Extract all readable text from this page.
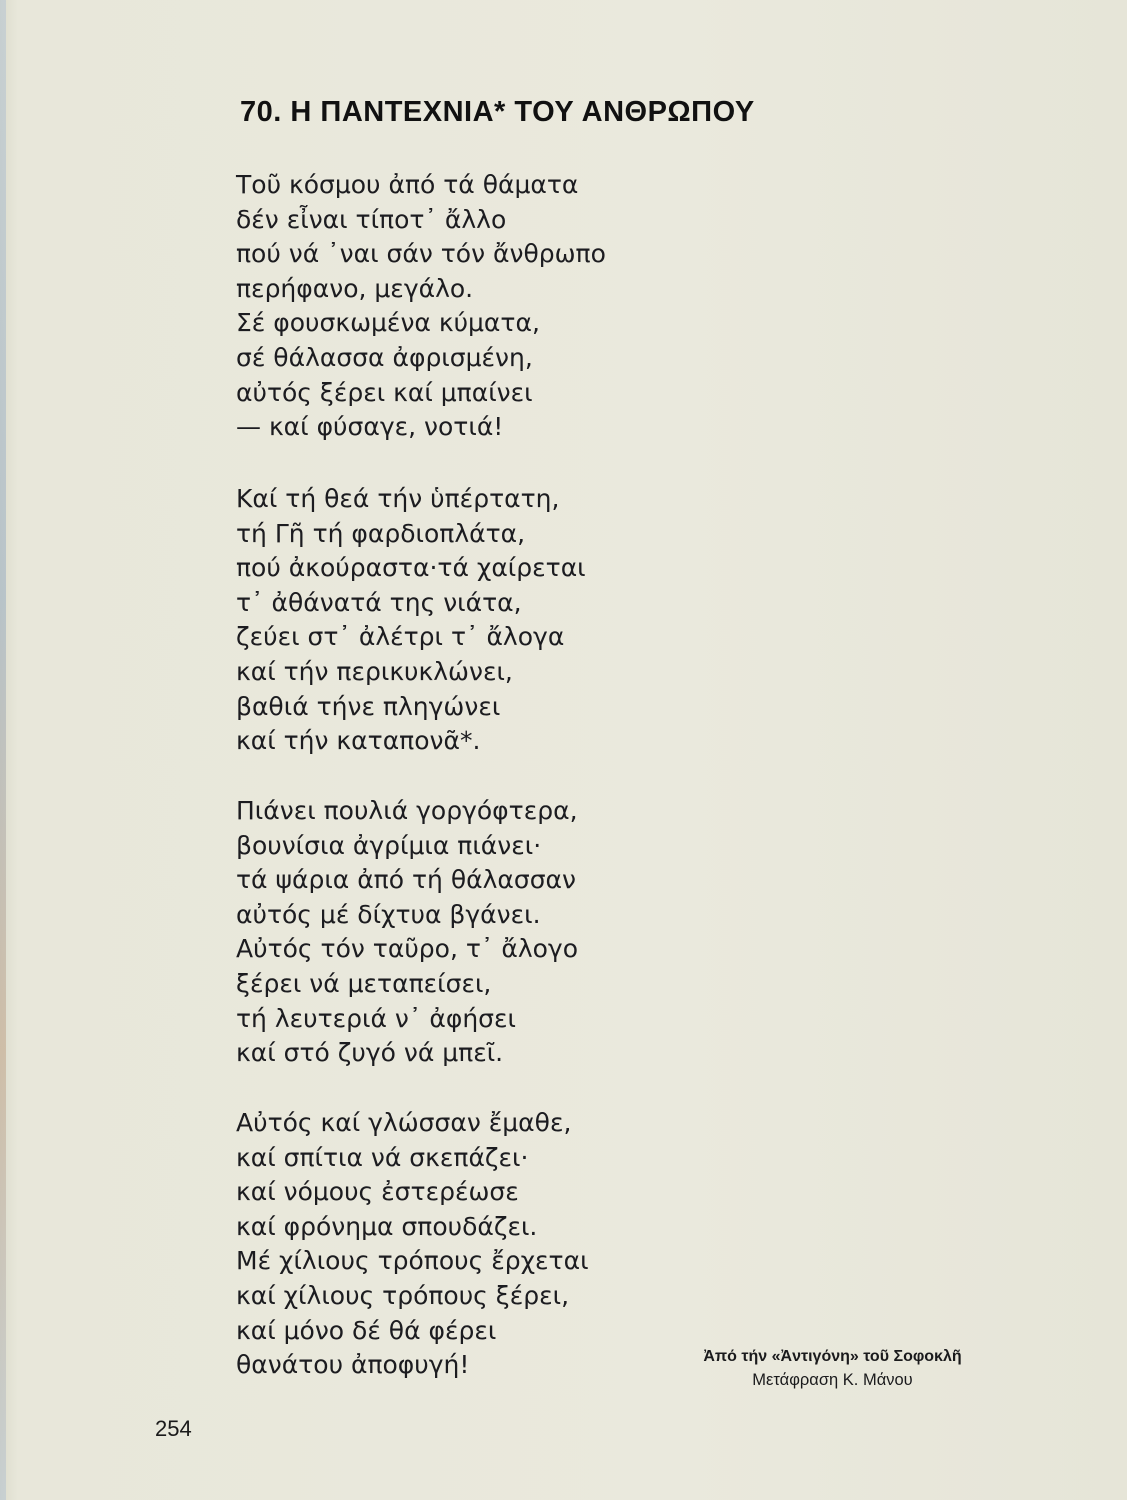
70. Η ΠΑΝΤΕΧΝΙΑ* ΤΟΥ ΑΝΘΡΩΠΟΥ
Τοῦ κόσμου ἀπό τά θάματα
δέν εἶναι τίποτ᾽ ἄλλο
πού νά ᾽ναι σάν τόν ἄνθρωπο
περήφανο, μεγάλο.
Σέ φουσκωμένα κύματα,
σέ θάλασσα ἀφρισμένη,
αὐτός ξέρει καί μπαίνει
— καί φύσαγε, νοτιά!
Καί τή θεά τήν ὑπέρτατη,
τή Γῆ τή φαρδιοπλάτα,
πού ἀκούραστα·τά χαίρεται
τ᾽ ἀθάνατά της νιάτα,
ζεύει στ᾽ ἀλέτρι τ᾽ ἄλογα
καί τήν περικυκλώνει,
βαθιά τήνε πληγώνει
καί τήν καταπονᾶ*.
Πιάνει πουλιά γοργόφτερα,
βουνίσια ἀγρίμια πιάνει·
τά ψάρια ἀπό τή θάλασσαν
αὐτός μέ δίχτυα βγάνει.
Αὐτός τόν ταῦρο, τ᾽ ἄλογο
ξέρει νά μεταπείσει,
τή λευτεριά ν᾽ ἀφήσει
καί στό ζυγό νά μπεῖ.
Αὐτός καί γλώσσαν ἔμαθε,
καί σπίτια νά σκεπάζει·
καί νόμους ἐστερέωσε
καί φρόνημα σπουδάζει.
Μέ χίλιους τρόπους ἔρχεται
καί χίλιους τρόπους ξέρει,
καί μόνο δέ θά φέρει
θανάτου ἀποφυγή!	Ἀπό τήν «Ἀντιγόνη» τοῦ Σοφοκλῆ
Μετάφραση Κ. Μάνου
254
